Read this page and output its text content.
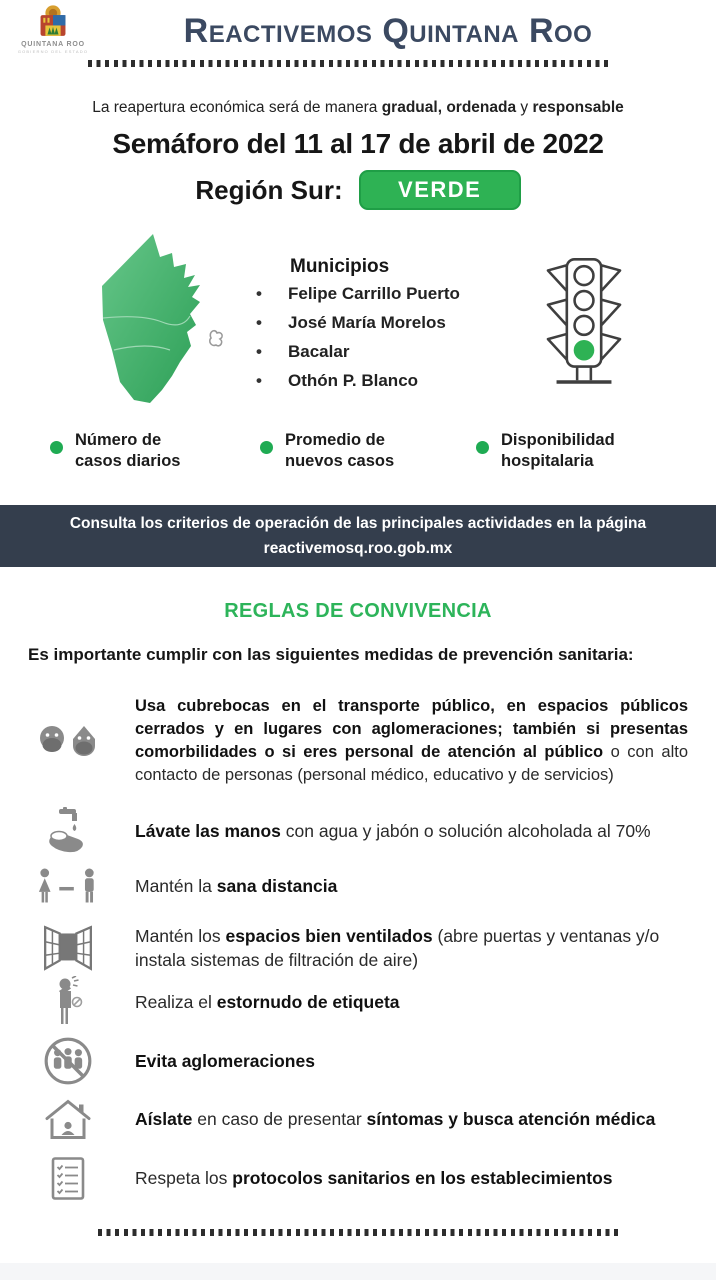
QUINTANA ROO
GOBIERNO DEL ESTADO
Reactivemos Quintana Roo
La reapertura económica será de manera gradual, ordenada y responsable
Semáforo del 11 al 17 de abril de 2022
Región Sur:	VERDE
Municipios
• Felipe Carrillo Puerto
• José María Morelos
• Bacalar
• Othón P. Blanco
Número de casos diarios
Promedio de nuevos casos
Disponibilidad hospitalaria
Consulta los criterios de operación de las principales actividades en la página
reactivemosq.roo.gob.mx
REGLAS DE CONVIVENCIA
Es importante cumplir con las siguientes medidas de prevención sanitaria:
Usa cubrebocas en el transporte público, en espacios públicos cerrados y en lugares con aglomeraciones; también si presentas comorbilidades o si eres personal de atención al público o con alto contacto de personas (personal médico, educativo y de servicios)
Lávate las manos con agua y jabón o solución alcoholada al 70%
Mantén la sana distancia
Mantén los espacios bien ventilados (abre puertas y ventanas y/o instala sistemas de filtración de aire)
Realiza el estornudo de etiqueta
Evita aglomeraciones
Aíslate en caso de presentar síntomas y busca atención médica
Respeta los protocolos sanitarios en los establecimientos
